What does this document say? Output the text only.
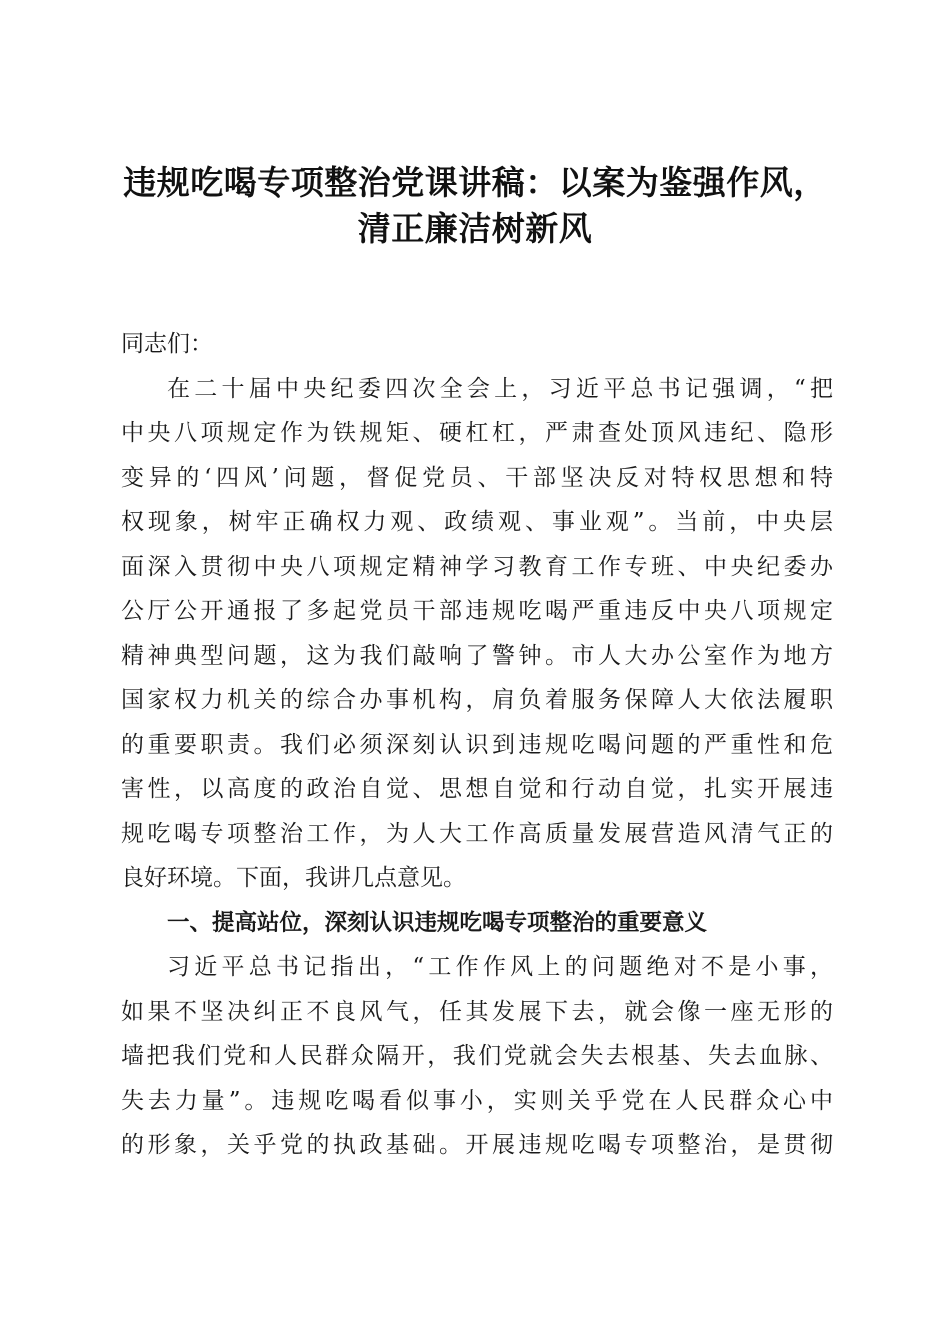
违规吃喝专项整治党课讲稿：以案为鉴强作风，
清正廉洁树新风
同志们：
在二十届中央纪委四次全会上，习近平总书记强调，“把
中央八项规定作为铁规矩、硬杠杠，严肃查处顶风违纪、隐形
变异的‘四风’问题，督促党员、干部坚决反对特权思想和特
权现象，树牢正确权力观、政绩观、事业观”。当前，中央层
面深入贯彻中央八项规定精神学习教育工作专班、中央纪委办
公厅公开通报了多起党员干部违规吃喝严重违反中央八项规定
精神典型问题，这为我们敲响了警钟。市人大办公室作为地方
国家权力机关的综合办事机构，肩负着服务保障人大依法履职
的重要职责。我们必须深刻认识到违规吃喝问题的严重性和危
害性，以高度的政治自觉、思想自觉和行动自觉，扎实开展违
规吃喝专项整治工作，为人大工作高质量发展营造风清气正的
良好环境。下面，我讲几点意见。
一、提高站位，深刻认识违规吃喝专项整治的重要意义
习近平总书记指出，“工作作风上的问题绝对不是小事，
如果不坚决纠正不良风气，任其发展下去，就会像一座无形的
墙把我们党和人民群众隔开，我们党就会失去根基、失去血脉、
失去力量”。违规吃喝看似事小，实则关乎党在人民群众心中
的形象，关乎党的执政基础。开展违规吃喝专项整治，是贯彻
